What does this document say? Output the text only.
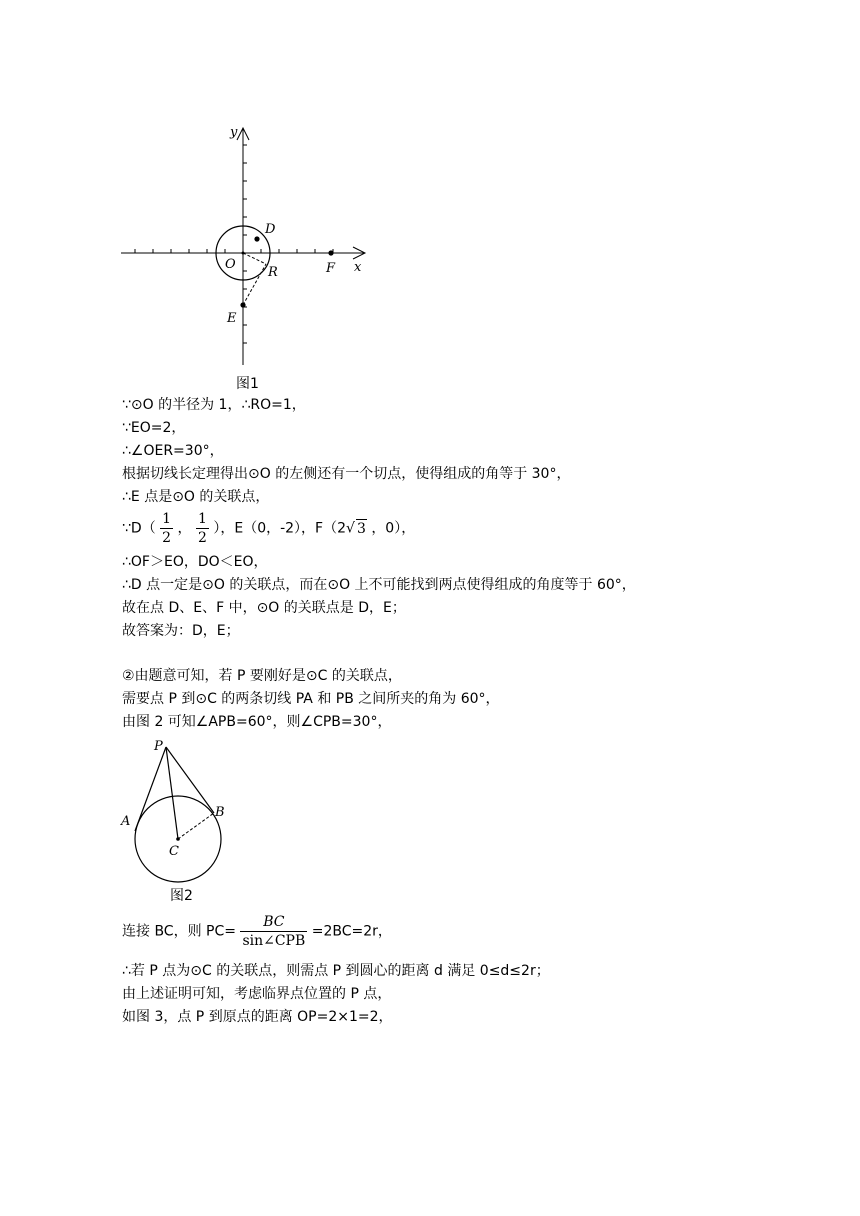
y
x
D
O
R	F
E
图1
∵⊙O 的半径为 1，∴RO=1，
∵EO=2，
∴∠OER=30°，
根据切线长定理得出⊙O 的左侧还有一个切点，使得组成的角等于 30°，
∴E 点是⊙O 的关联点，
∵D（ $\frac{1}{2}$ ， $\frac{1}{2}$ ），E（0，-2），F（2√ 3 ，0），
∴OF＞EO，DO＜EO，
∴D 点一定是⊙O 的关联点，而在⊙O 上不可能找到两点使得组成的角度等于 60°，
故在点 D、E、F 中，⊙O 的关联点是 D，E；
故答案为：D，E；
②由题意可知，若 P 要刚好是⊙C 的关联点，
需要点 P 到⊙C 的两条切线 PA 和 PB 之间所夹的角为 60°，
由图 2 可知∠APB=60°，则∠CPB=30°，
P
A
B
C
图2
连接 BC，则 $PC= \frac{BC}{\text{sin∠CPB}} =2BC=2r$，
∴若 P 点为⊙C 的关联点，则需点 P 到圆心的距离 d 满足 0≤d≤2r；
由上述证明可知，考虑临界点位置的 P 点，
如图 3，点 P 到原点的距离 OP=2×1=2，
